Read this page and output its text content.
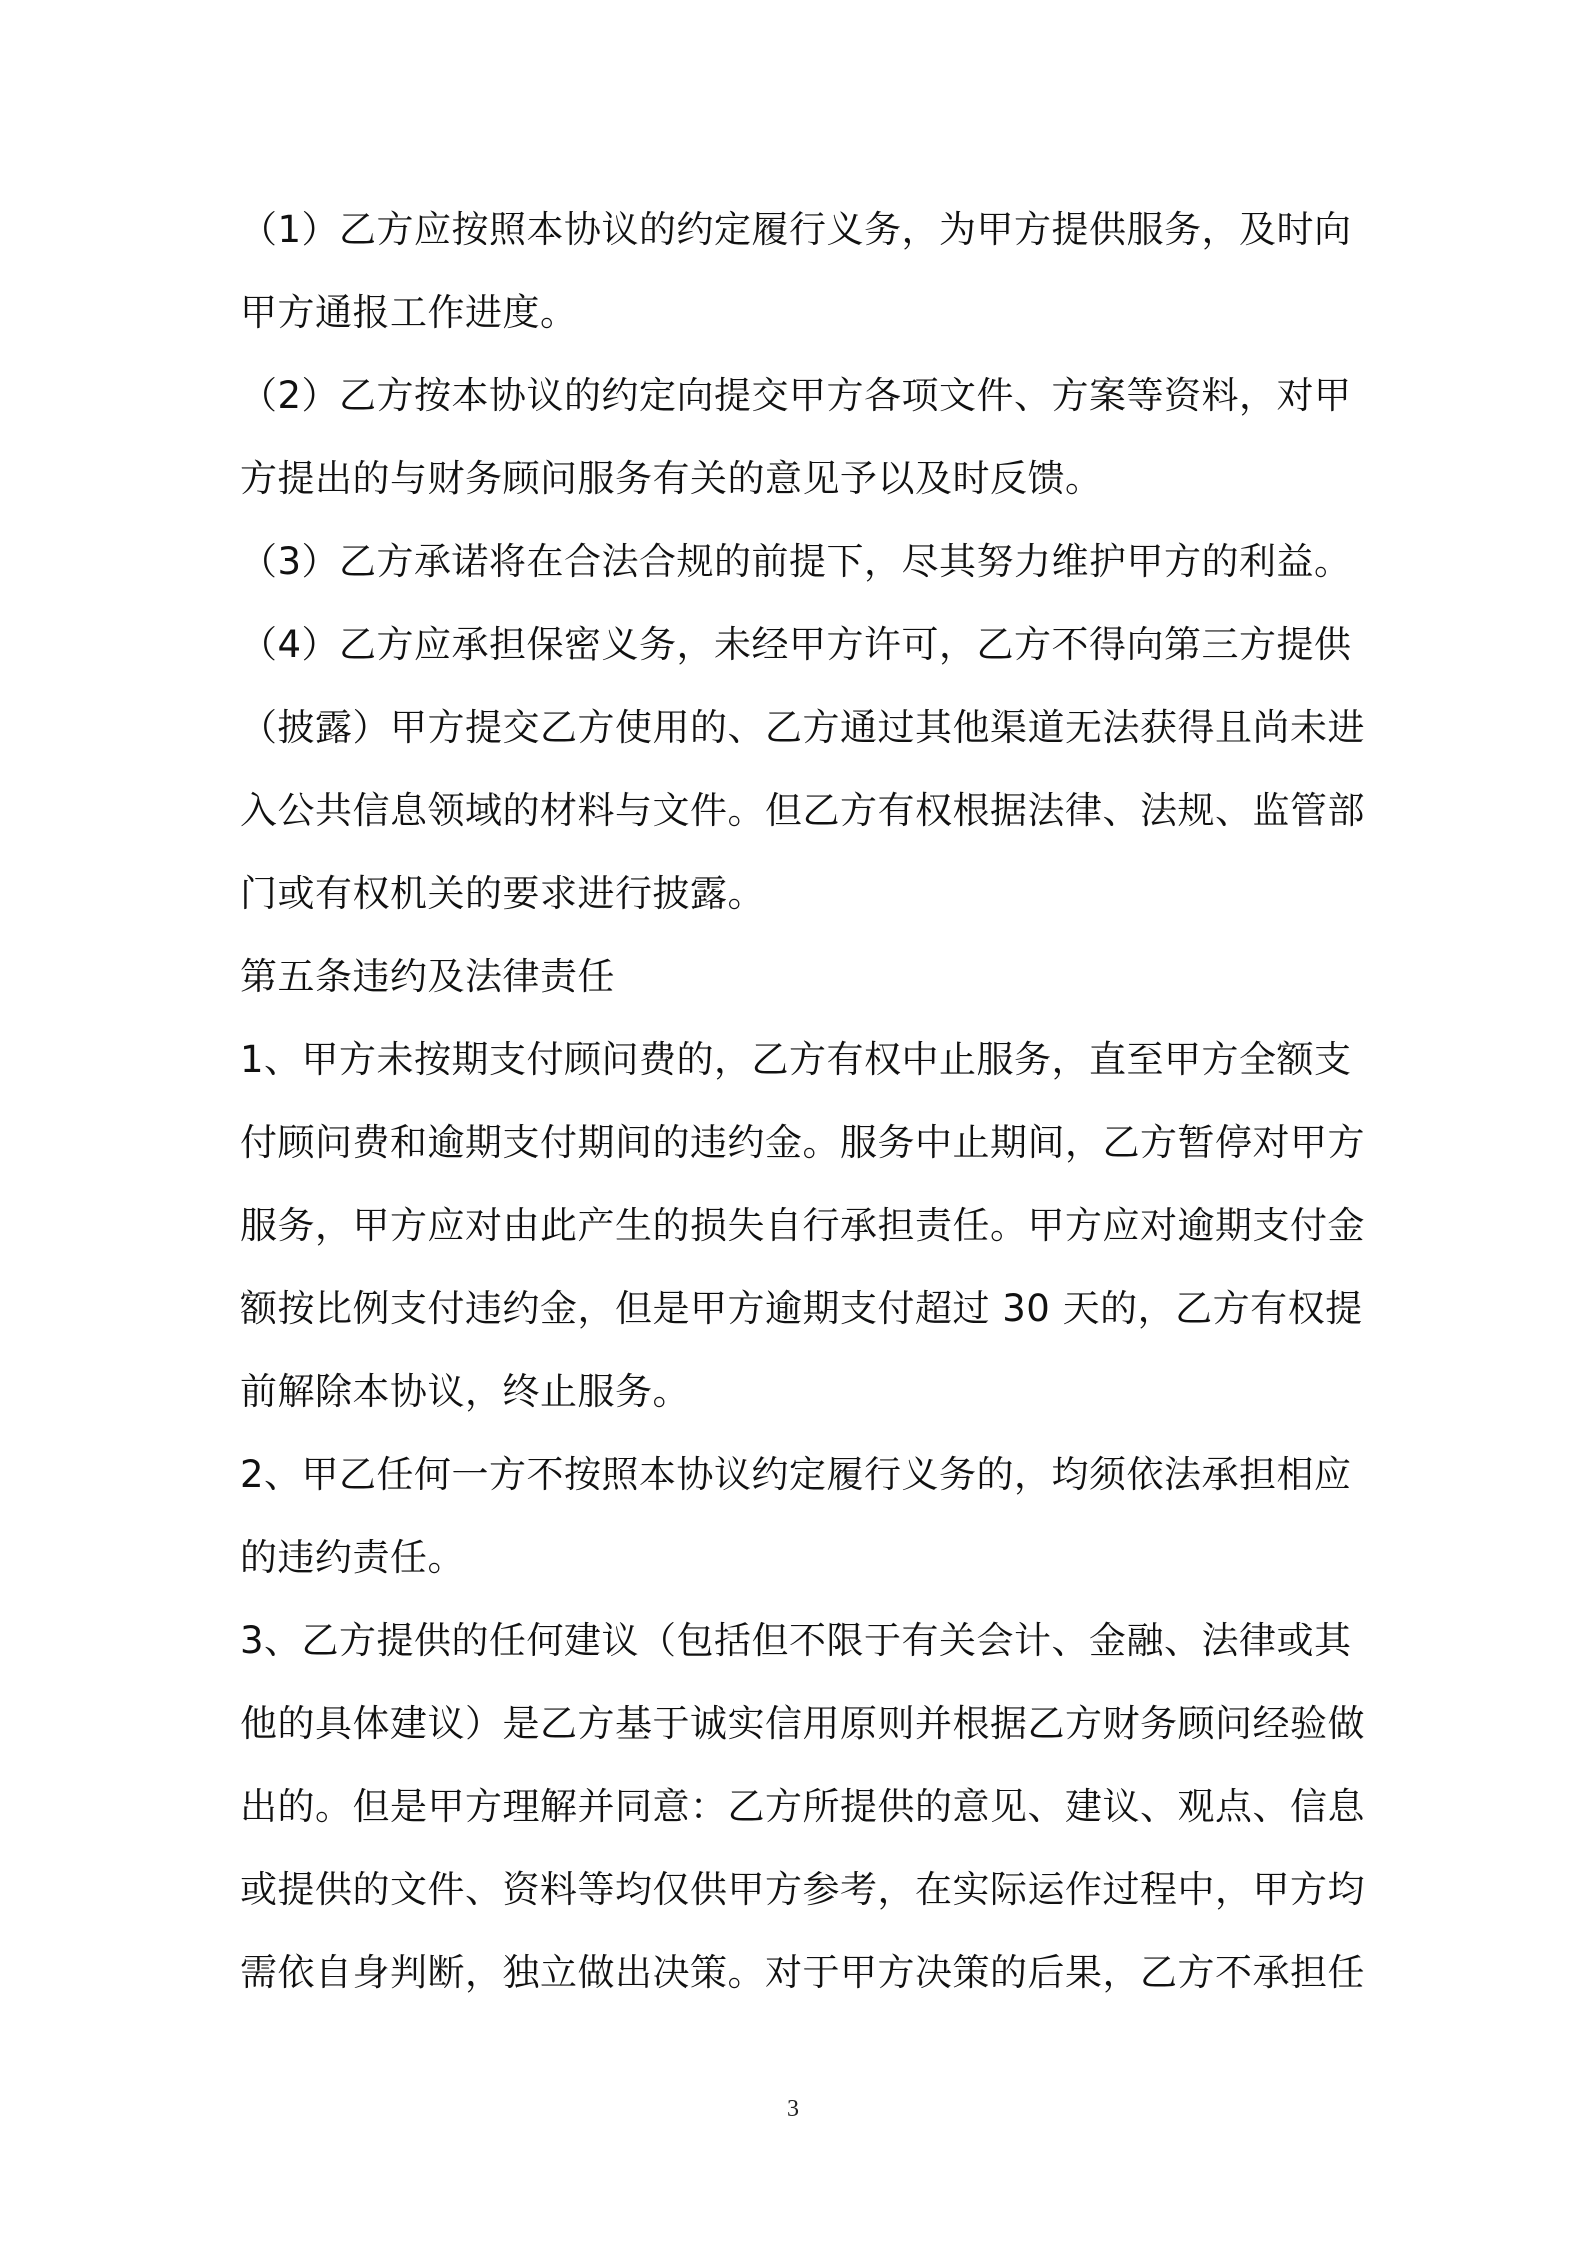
（1）乙方应按照本协议的约定履行义务，为甲方提供服务，及时向
甲方通报工作进度。

（2）乙方按本协议的约定向提交甲方各项文件、方案等资料，对甲
方提出的与财务顾问服务有关的意见予以及时反馈。

（3）乙方承诺将在合法合规的前提下，尽其努力维护甲方的利益。

（4）乙方应承担保密义务，未经甲方许可，乙方不得向第三方提供
（披露）甲方提交乙方使用的、乙方通过其他渠道无法获得且尚未进
入公共信息领域的材料与文件。但乙方有权根据法律、法规、监管部
门或有权机关的要求进行披露。

第五条违约及法律责任

1、甲方未按期支付顾问费的，乙方有权中止服务，直至甲方全额支
付顾问费和逾期支付期间的违约金。服务中止期间，乙方暂停对甲方
服务，甲方应对由此产生的损失自行承担责任。甲方应对逾期支付金
额按比例支付违约金，但是甲方逾期支付超过 30 天的，乙方有权提
前解除本协议，终止服务。

2、甲乙任何一方不按照本协议约定履行义务的，均须依法承担相应
的违约责任。

3、乙方提供的任何建议（包括但不限于有关会计、金融、法律或其
他的具体建议）是乙方基于诚实信用原则并根据乙方财务顾问经验做
出的。但是甲方理解并同意：乙方所提供的意见、建议、观点、信息
或提供的文件、资料等均仅供甲方参考，在实际运作过程中，甲方均
需依自身判断，独立做出决策。对于甲方决策的后果，乙方不承担任

3
